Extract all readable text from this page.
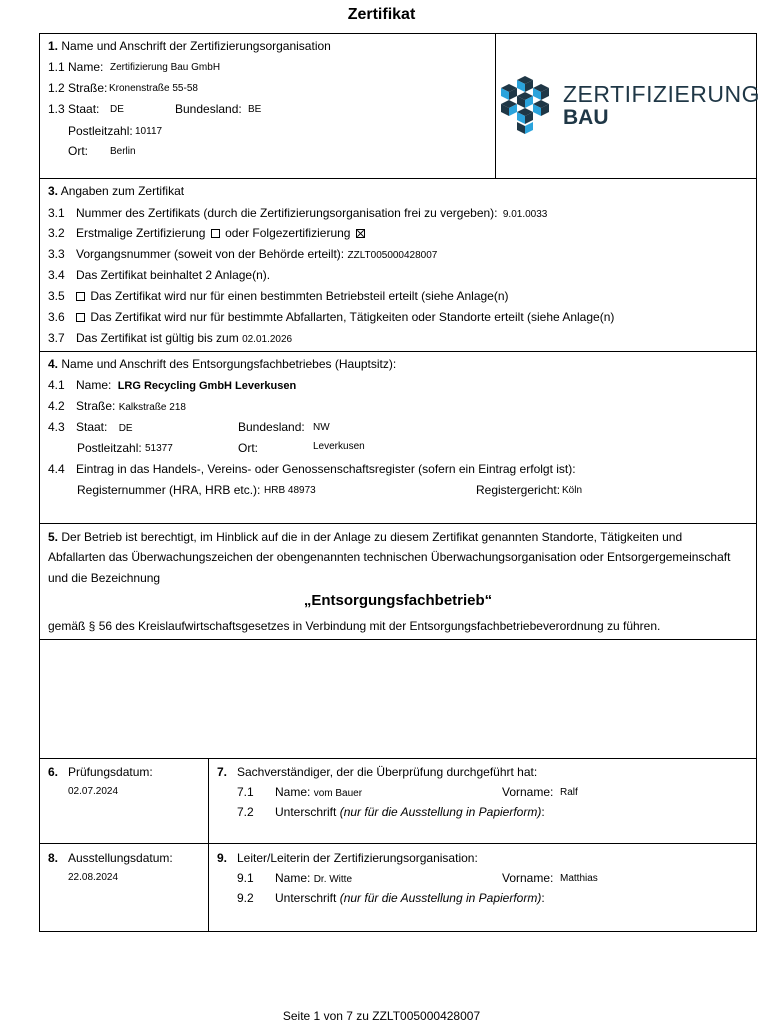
Zertifikat
1. Name und Anschrift der Zertifizierungsorganisation
1.1 Name: Zertifizierung Bau GmbH
1.2 Straße: Kronenstraße 55-58
1.3 Staat: DE	Bundesland: BE
Postleitzahl: 10117
Ort: Berlin
ZERTIFIZIERUNG
BAU
3. Angaben zum Zertifikat
3.1 Nummer des Zertifikats (durch die Zertifizierungsorganisation frei zu vergeben): 9.01.0033
3.2 Erstmalige Zertifizierung oder Folgezertifizierung
3.3 Vorgangsnummer (soweit von der Behörde erteilt): ZZLT005000428007
3.4 Das Zertifikat beinhaltet 2 Anlage(n).
3.5 Das Zertifikat wird nur für einen bestimmten Betriebsteil erteilt (siehe Anlage(n)
3.6 Das Zertifikat wird nur für bestimmte Abfallarten, Tätigkeiten oder Standorte erteilt (siehe Anlage(n)
3.7 Das Zertifikat ist gültig bis zum 02.01.2026
4. Name und Anschrift des Entsorgungsfachbetriebes (Hauptsitz):
4.1 Name: LRG Recycling GmbH Leverkusen
4.2 Straße: Kalkstraße 218
4.3 Staat: DE	Bundesland: NW
Postleitzahl: 51377	Ort:	Leverkusen
4.4 Eintrag in das Handels-, Vereins- oder Genossenschaftsregister (sofern ein Eintrag erfolgt ist):
Registernummer (HRA, HRB etc.): HRB 48973	Registergericht: Köln
5. Der Betrieb ist berechtigt, im Hinblick auf die in der Anlage zu diesem Zertifikat genannten Standorte, Tätigkeiten und
Abfallarten das Überwachungszeichen der obengenannten technischen Überwachungsorganisation oder Entsorgergemeinschaft
und die Bezeichnung
„Entsorgungsfachbetrieb“
gemäß § 56 des Kreislaufwirtschaftsgesetzes in Verbindung mit der Entsorgungsfachbetriebeverordnung zu führen.
6. Prüfungsdatum:
02.07.2024
7. Sachverständiger, der die Überprüfung durchgeführt hat:
7.1 Name: vom Bauer	Vorname: Ralf
7.2 Unterschrift (nur für die Ausstellung in Papierform):
8. Ausstellungsdatum:
22.08.2024
9. Leiter/Leiterin der Zertifizierungsorganisation:
9.1 Name: Dr. Witte	Vorname: Matthias
9.2 Unterschrift (nur für die Ausstellung in Papierform):
Seite 1 von 7 zu ZZLT005000428007
